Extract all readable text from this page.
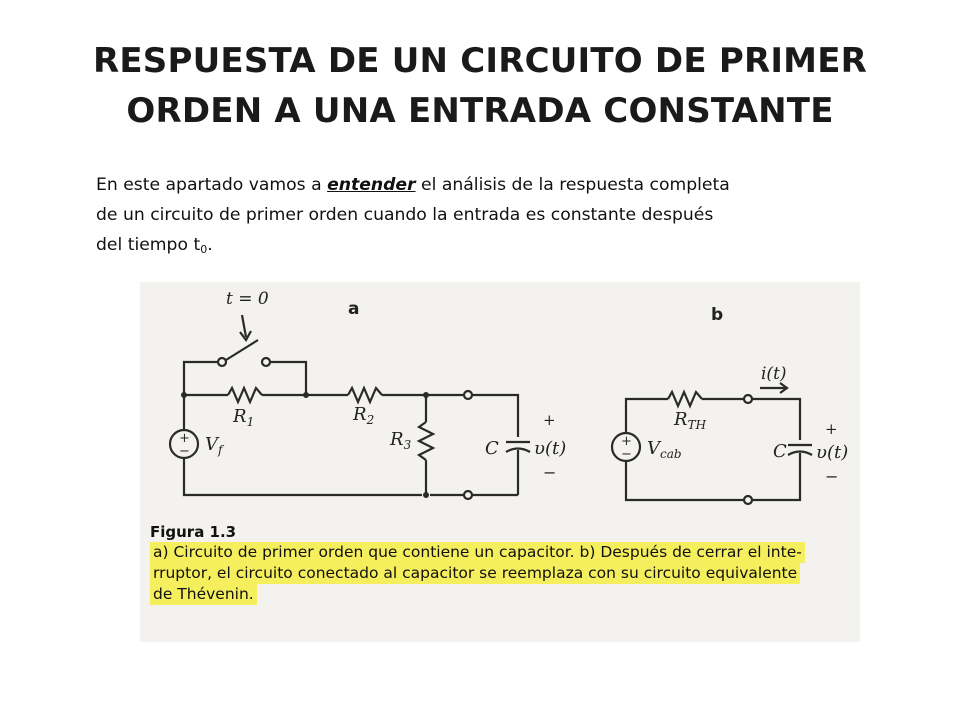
RESPUESTA DE UN CIRCUITO DE PRIMER
ORDEN A UNA ENTRADA CONSTANTE
En este apartado vamos a entender el análisis de la respuesta completa
de un circuito de primer orden cuando la entrada es constante después
del tiempo $t_0$.
t = 0
+
− $V_f$
$R_1$	$R_2$
$R_3$	C
+
υ(t)
−
a
+
− $V_{cab}$
$R_{TH}$
i(t)
C
+
υ(t)
−
b
Figura 1.3
a) Circuito de primer orden que contiene un capacitor. b) Después de cerrar el inte-
rruptor, el circuito conectado al capacitor se reemplaza con su circuito equivalente
de Thévenin.
